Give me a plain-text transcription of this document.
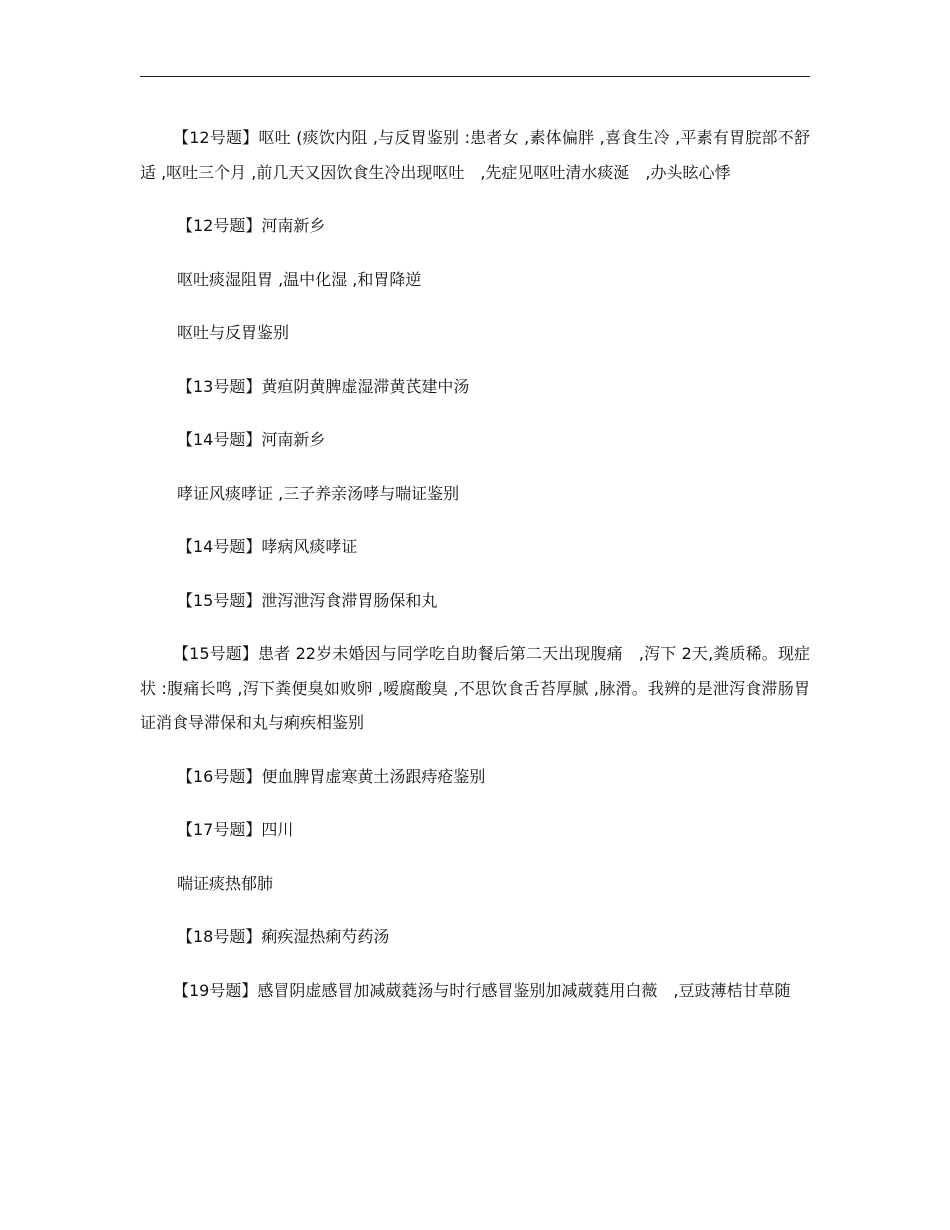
【12号题】呕吐 (痰饮内阻 ,与反胃鉴别 :患者女 ,素体偏胖 ,喜食生冷 ,平素有胃脘部不舒适 ,呕吐三个月 ,前几天又因饮食生冷出现呕吐　,先症见呕吐清水痰涎　,办头眩心悸

【12号题】河南新乡

呕吐痰湿阻胃 ,温中化湿 ,和胃降逆

呕吐与反胃鉴别

【13号题】黄疸阴黄脾虚湿滞黄芪建中汤

【14号题】河南新乡

哮证风痰哮证 ,三子养亲汤哮与喘证鉴别

【14号题】哮病风痰哮证

【15号题】泄泻泄泻食滞胃肠保和丸

【15号题】患者 22岁未婚因与同学吃自助餐后第二天出现腹痛　,泻下 2天,粪质稀。现症状 :腹痛长鸣 ,泻下粪便臭如败卵 ,嗳腐酸臭 ,不思饮食舌苔厚腻 ,脉滑。我辨的是泄泻食滞肠胃证消食导滞保和丸与痢疾相鉴别

【16号题】便血脾胃虚寒黄土汤跟痔疮鉴别

【17号题】四川

喘证痰热郁肺

【18号题】痢疾湿热痢芍药汤

【19号题】感冒阴虚感冒加减葳蕤汤与时行感冒鉴别加减葳蕤用白薇　,豆豉薄桔甘草随
